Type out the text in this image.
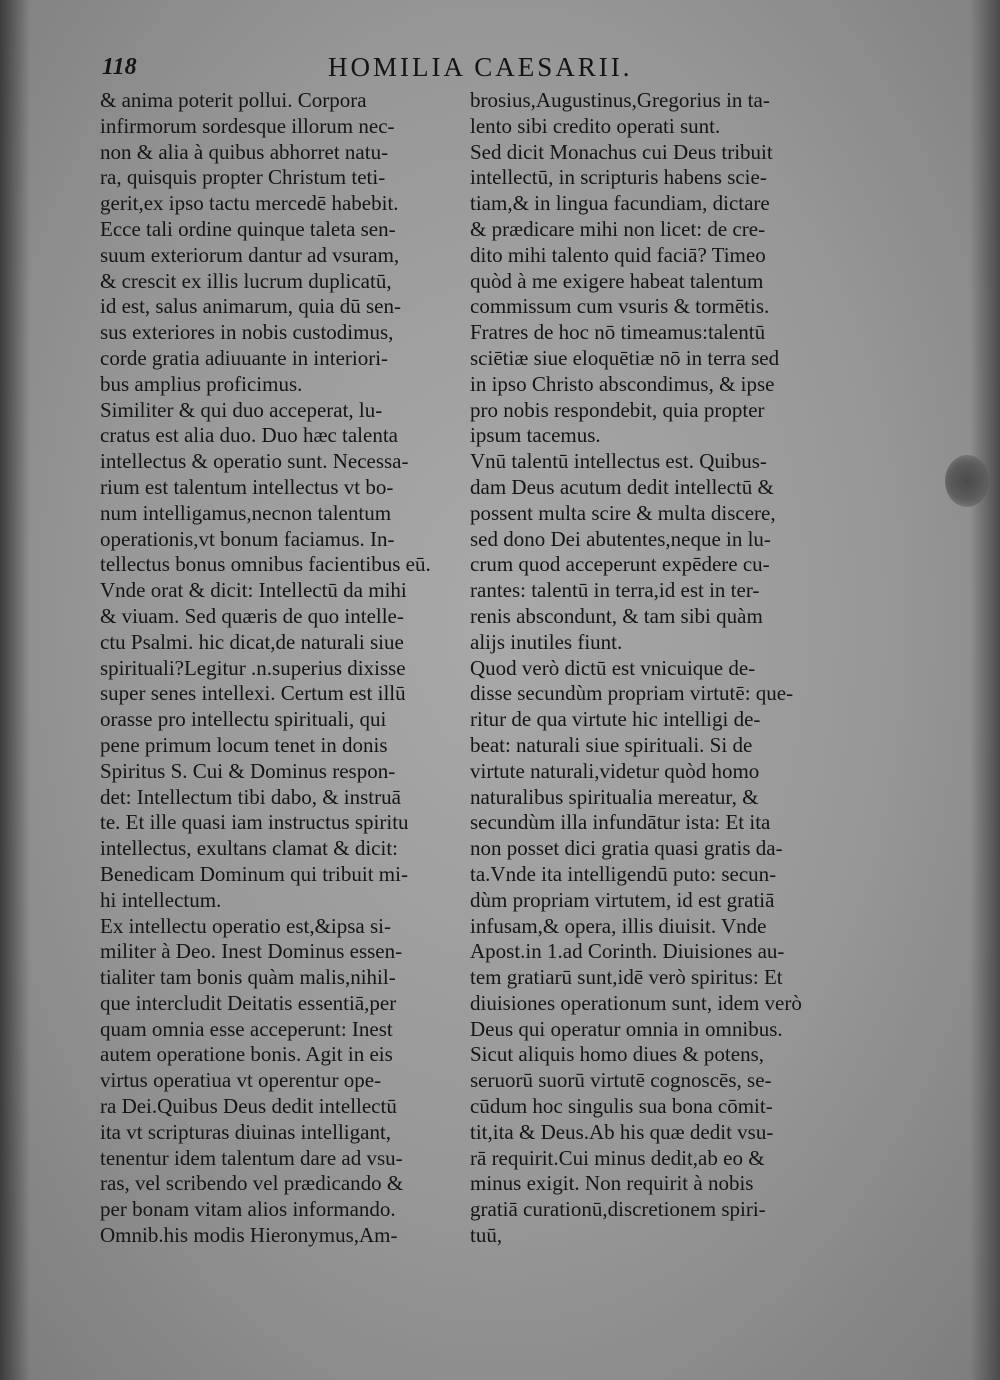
118	HOMILIA CAESARII.
& anima poterit pollui. Corpora
infirmorum sordesque illorum nec-
non & alia à quibus abhorret natu-
ra, quisquis propter Christum teti-
gerit,ex ipso tactu mercedē habebit.
Ecce tali ordine quinque taleta sen-
suum exteriorum dantur ad vsuram,
& crescit ex illis lucrum duplicatū,
id est, salus animarum, quia dū sen-
sus exteriores in nobis custodimus,
corde gratia adiuuante in interiori-
bus amplius proficimus.
Similiter & qui duo acceperat, lu-
cratus est alia duo. Duo hæc talenta
intellectus & operatio sunt. Necessa-
rium est talentum intellectus vt bo-
num intelligamus,necnon talentum
operationis,vt bonum faciamus. In-
tellectus bonus omnibus facientibus eū.
Vnde orat & dicit: Intellectū da mihi
& viuam. Sed quæris de quo intelle-
ctu Psalmi. hic dicat,de naturali siue
spirituali?Legitur .n.superius dixisse
super senes intellexi. Certum est illū
orasse pro intellectu spirituali, qui
pene primum locum tenet in donis
Spiritus S. Cui & Dominus respon-
det: Intellectum tibi dabo, & instruā
te. Et ille quasi iam instructus spiritu
intellectus, exultans clamat & dicit:
Benedicam Dominum qui tribuit mi-
hi intellectum.
Ex intellectu operatio est,&ipsa si-
militer à Deo. Inest Dominus essen-
tialiter tam bonis quàm malis,nihil-
que intercludit Deitatis essentiā,per
quam omnia esse acceperunt: Inest
autem operatione bonis. Agit in eis
virtus operatiua vt operentur ope-
ra Dei.Quibus Deus dedit intellectū
ita vt scripturas diuinas intelligant,
tenentur idem talentum dare ad vsu-
ras, vel scribendo vel prædicando &
per bonam vitam alios informando.
Omnib.his modis Hieronymus,Am-
brosius,Augustinus,Gregorius in ta-
lento sibi credito operati sunt.
Sed dicit Monachus cui Deus tribuit
intellectū, in scripturis habens scie-
tiam,& in lingua facundiam, dictare
& prædicare mihi non licet: de cre-
dito mihi talento quid faciā? Timeo
quòd à me exigere habeat talentum
commissum cum vsuris & tormētis.
Fratres de hoc nō timeamus:talentū
sciētiæ siue eloquētiæ nō in terra sed
in ipso Christo abscondimus, & ipse
pro nobis respondebit, quia propter
ipsum tacemus.
Vnū talentū intellectus est. Quibus-
dam Deus acutum dedit intellectū &
possent multa scire & multa discere,
sed dono Dei abutentes,neque in lu-
crum quod acceperunt expēdere cu-
rantes: talentū in terra,id est in ter-
renis abscondunt, & tam sibi quàm
alijs inutiles fiunt.
Quod verò dictū est vnicuique de-
disse secundùm propriam virtutē: que-
ritur de qua virtute hic intelligi de-
beat: naturali siue spirituali. Si de
virtute naturali,videtur quòd homo
naturalibus spiritualia mereatur, &
secundùm illa infundātur ista: Et ita
non posset dici gratia quasi gratis da-
ta.Vnde ita intelligendū puto: secun-
dùm propriam virtutem, id est gratiā
infusam,& opera, illis diuisit. Vnde
Apost.in 1.ad Corinth. Diuisiones au-
tem gratiarū sunt,idē verò spiritus: Et
diuisiones operationum sunt, idem verò
Deus qui operatur omnia in omnibus.
Sicut aliquis homo diues & potens,
seruorū suorū virtutē cognoscēs, se-
cūdum hoc singulis sua bona cōmit-
tit,ita & Deus.Ab his quæ dedit vsu-
rā requirit.Cui minus dedit,ab eo &
minus exigit. Non requirit à nobis
gratiā curationū,discretionem spiri-
tuū,
